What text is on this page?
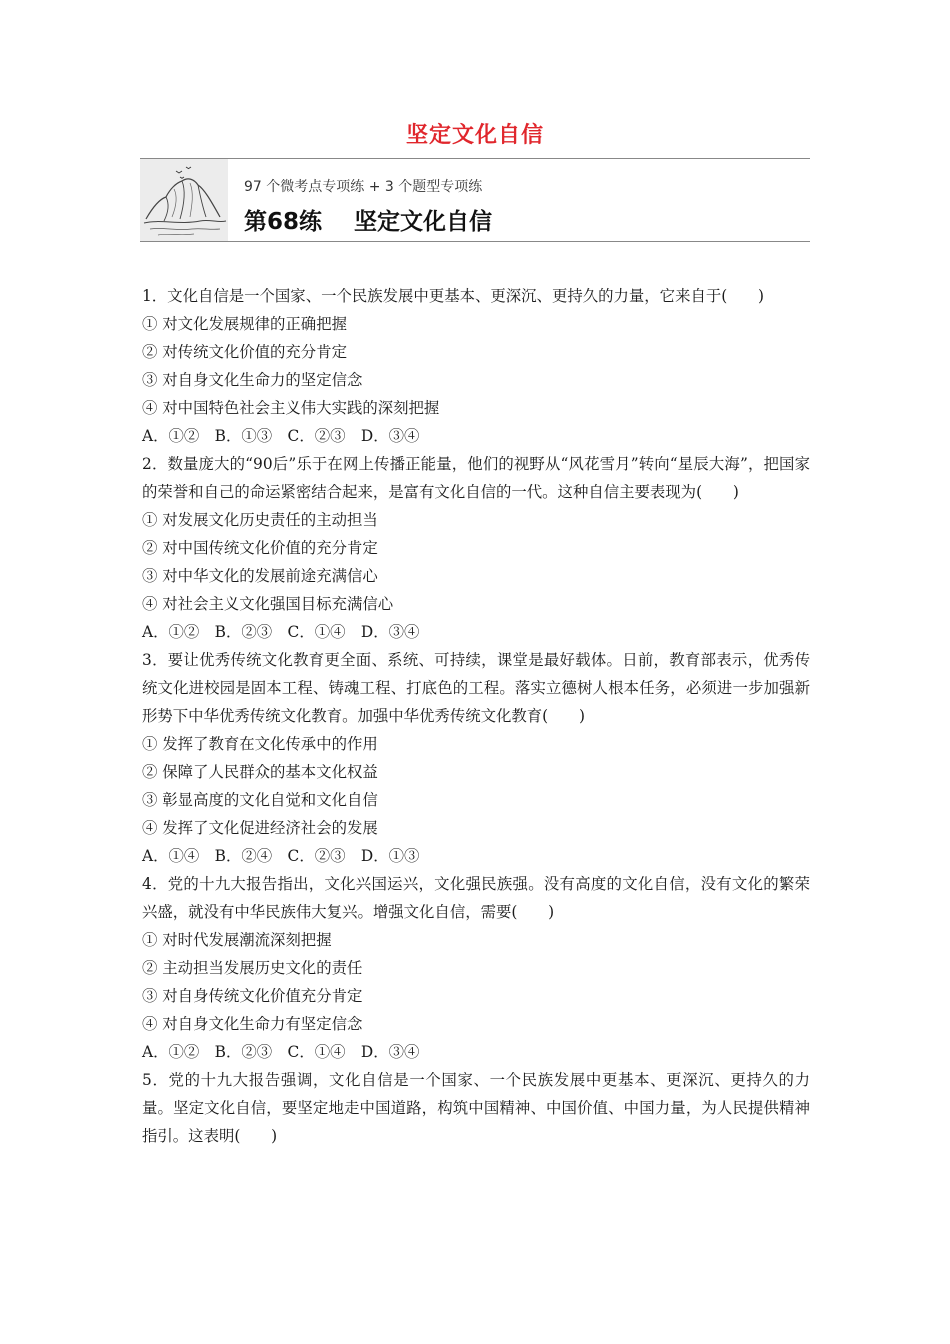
坚定文化自信
97 个微考点专项练 + 3 个题型专项练
第68练    坚定文化自信

1．文化自信是一个国家、一个民族发展中更基本、更深沉、更持久的力量，它来自于(　　)

① 对文化发展规律的正确把握

② 对传统文化价值的充分肯定

③ 对自身文化生命力的坚定信念

④ 对中国特色社会主义伟大实践的深刻把握

A．①②　B．①③　C．②③　D．③④

2．数量庞大的“90后”乐于在网上传播正能量，他们的视野从“风花雪月”转向“星辰大海”，把国家的荣誉和自己的命运紧密结合起来，是富有文化自信的一代。这种自信主要表现为(　　)

① 对发展文化历史责任的主动担当

② 对中国传统文化价值的充分肯定

③ 对中华文化的发展前途充满信心

④ 对社会主义文化强国目标充满信心

A．①②　B．②③　C．①④　D．③④

3．要让优秀传统文化教育更全面、系统、可持续，课堂是最好载体。日前，教育部表示，优秀传统文化进校园是固本工程、铸魂工程、打底色的工程。落实立德树人根本任务，必须进一步加强新形势下中华优秀传统文化教育。加强中华优秀传统文化教育(　　)

① 发挥了教育在文化传承中的作用

② 保障了人民群众的基本文化权益

③ 彰显高度的文化自觉和文化自信

④ 发挥了文化促进经济社会的发展

A．①④　B．②④　C．②③　D．①③

4．党的十九大报告指出，文化兴国运兴，文化强民族强。没有高度的文化自信，没有文化的繁荣兴盛，就没有中华民族伟大复兴。增强文化自信，需要(　　)

① 对时代发展潮流深刻把握

② 主动担当发展历史文化的责任

③ 对自身传统文化价值充分肯定

④ 对自身文化生命力有坚定信念

A．①②　B．②③　C．①④　D．③④

5．党的十九大报告强调，文化自信是一个国家、一个民族发展中更基本、更深沉、更持久的力量。坚定文化自信，要坚定地走中国道路，构筑中国精神、中国价值、中国力量，为人民提供精神指引。这表明(　　)
